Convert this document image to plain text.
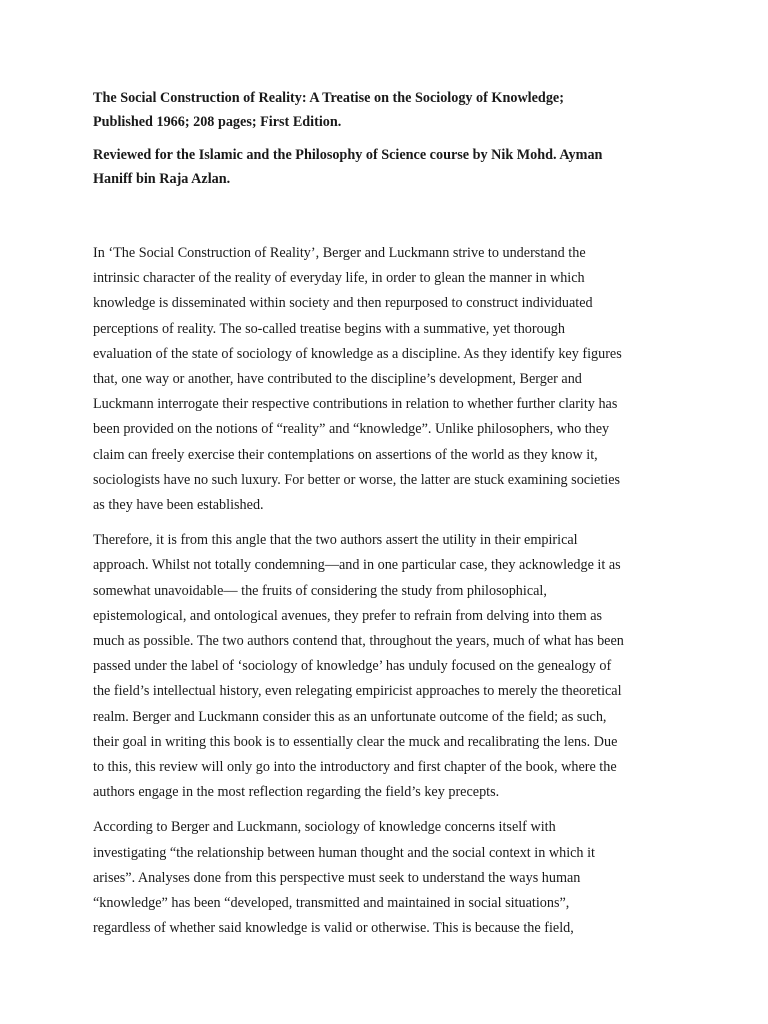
The Social Construction of Reality: A Treatise on the Sociology of Knowledge;
Published 1966; 208 pages; First Edition.

Reviewed for the Islamic and the Philosophy of Science course by Nik Mohd. Ayman
Haniff bin Raja Azlan.

In ‘The Social Construction of Reality’, Berger and Luckmann strive to understand the
intrinsic character of the reality of everyday life, in order to glean the manner in which
knowledge is disseminated within society and then repurposed to construct individuated
perceptions of reality. The so-called treatise begins with a summative, yet thorough
evaluation of the state of sociology of knowledge as a discipline. As they identify key figures
that, one way or another, have contributed to the discipline’s development, Berger and
Luckmann interrogate their respective contributions in relation to whether further clarity has
been provided on the notions of “reality” and “knowledge”. Unlike philosophers, who they
claim can freely exercise their contemplations on assertions of the world as they know it,
sociologists have no such luxury. For better or worse, the latter are stuck examining societies
as they have been established.

Therefore, it is from this angle that the two authors assert the utility in their empirical
approach. Whilst not totally condemning—and in one particular case, they acknowledge it as
somewhat unavoidable— the fruits of considering the study from philosophical,
epistemological, and ontological avenues, they prefer to refrain from delving into them as
much as possible. The two authors contend that, throughout the years, much of what has been
passed under the label of ‘sociology of knowledge’ has unduly focused on the genealogy of
the field’s intellectual history, even relegating empiricist approaches to merely the theoretical
realm. Berger and Luckmann consider this as an unfortunate outcome of the field; as such,
their goal in writing this book is to essentially clear the muck and recalibrating the lens. Due
to this, this review will only go into the introductory and first chapter of the book, where the
authors engage in the most reflection regarding the field’s key precepts.

According to Berger and Luckmann, sociology of knowledge concerns itself with
investigating “the relationship between human thought and the social context in which it
arises”. Analyses done from this perspective must seek to understand the ways human
“knowledge” has been “developed, transmitted and maintained in social situations”,
regardless of whether said knowledge is valid or otherwise. This is because the field,
